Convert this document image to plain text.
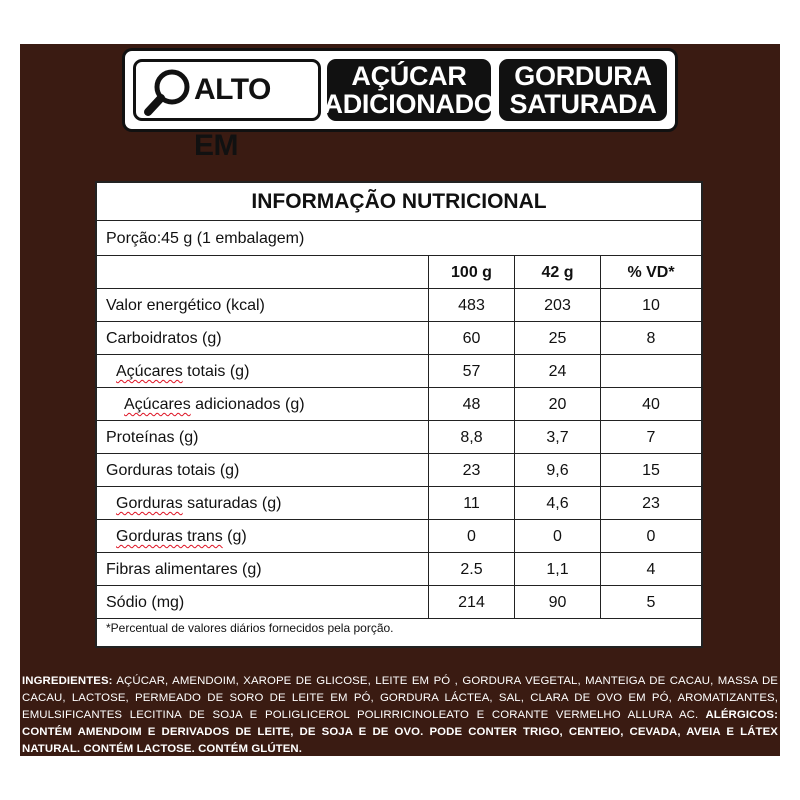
ALTO EM
AÇÚCAR
ADICIONADO
GORDURA
SATURADA
INFORMAÇÃO NUTRICIONAL
Porção:45 g (1 embalagem)
100 g	42 g	% VD*
Valor energético (kcal)	483	203	10
Carboidratos (g)	60	25	8
Açúcares totais (g)	57	24
Açúcares adicionados (g)	48	20	40
Proteínas (g)	8,8	3,7	7
Gorduras totais (g)	23	9,6	15
Gorduras saturadas (g)	11	4,6	23
Gorduras trans (g)	0	0	0
Fibras alimentares (g)	2.5	1,1	4
Sódio (mg)	214	90	5
*Percentual de valores diários fornecidos pela porção.
INGREDIENTES: AÇÚCAR, AMENDOIM, XAROPE DE GLICOSE, LEITE EM PÓ , GORDURA VEGETAL, MANTEIGA DE CACAU, MASSA DE CACAU, LACTOSE, PERMEADO DE SORO DE LEITE EM PÓ, GORDURA LÁCTEA, SAL, CLARA DE OVO EM PÓ, AROMATIZANTES, EMULSIFICANTES LECITINA DE SOJA E POLIGLICEROL POLIRRICINOLEATO E CORANTE VERMELHO ALLURA AC. ALÉRGICOS: CONTÉM AMENDOIM E DERIVADOS DE LEITE, DE SOJA E DE OVO. PODE CONTER TRIGO, CENTEIO, CEVADA, AVEIA E LÁTEX NATURAL. CONTÉM LACTOSE. CONTÉM GLÚTEN.
